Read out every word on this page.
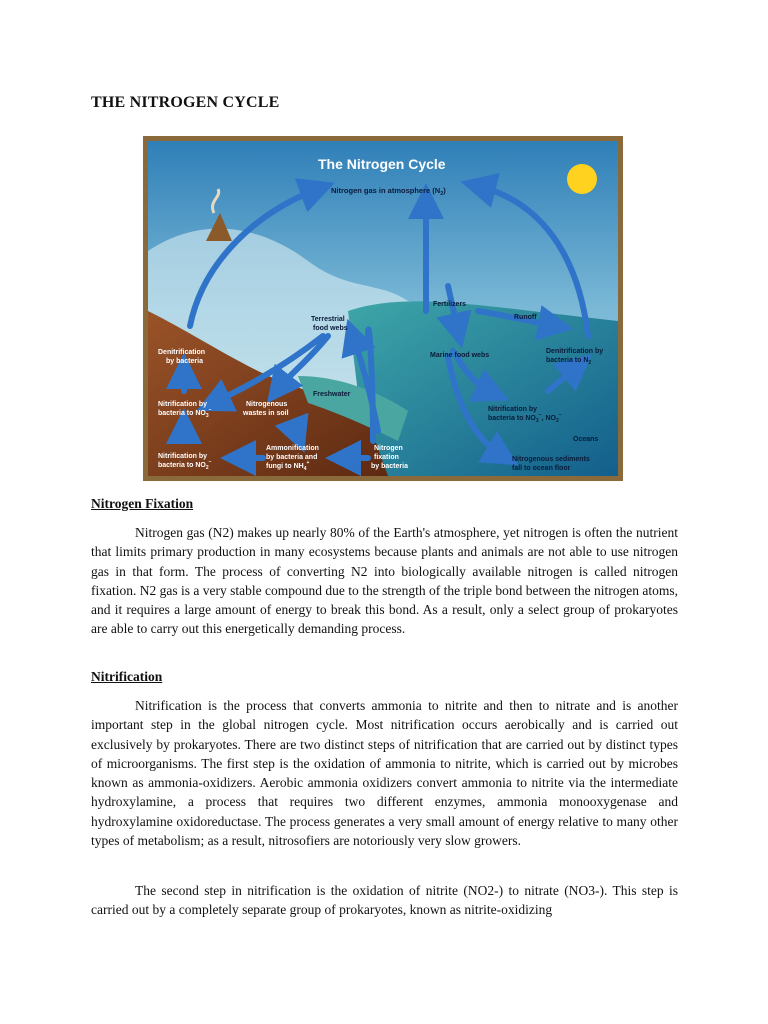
THE NITROGEN CYCLE
The Nitrogen Cycle
Nitrogen gas in atmosphere $(N_2)$
Denitrification by bacteria
Terrestrial food webs
Fertilizers
Runoff
Denitrification by bacteria to $N_2$
Marine food webs
Freshwater
Nitrification by bacteria to $NO_3^-$
Nitrogenous wastes in soil
Nitrification by bacteria to $NO_3^-$, $NO_2^-$
Oceans
Nitrification by bacteria to $NO_2^-$
Ammonification by bacteria and fungi to $NH_4^+$
Nitrogen fixation by bacteria
Nitrogenous sediments fall to ocean floor
Nitrogen Fixation

Nitrogen gas (N2) makes up nearly 80% of the Earth's atmosphere, yet nitrogen is often the nutrient that limits primary production in many ecosystems because plants and animals are not able to use nitrogen gas in that form. The process of converting N2 into biologically available nitrogen is called nitrogen fixation. N2 gas is a very stable compound due to the strength of the triple bond between the nitrogen atoms, and it requires a large amount of energy to break this bond. As a result, only a select group of prokaryotes are able to carry out this energetically demanding process.

Nitrification

Nitrification is the process that converts ammonia to nitrite and then to nitrate and is another important step in the global nitrogen cycle. Most nitrification occurs aerobically and is carried out exclusively by prokaryotes. There are two distinct steps of nitrification that are carried out by distinct types of microorganisms. The first step is the oxidation of ammonia to nitrite, which is carried out by microbes known as ammonia-oxidizers. Aerobic ammonia oxidizers convert ammonia to nitrite via the intermediate hydroxylamine, a process that requires two different enzymes, ammonia monooxygenase and hydroxylamine oxidoreductase. The process generates a very small amount of energy relative to many other types of metabolism; as a result, nitrosofiers are notoriously very slow growers.

The second step in nitrification is the oxidation of nitrite (NO2-) to nitrate (NO3-). This step is carried out by a completely separate group of prokaryotes, known as nitrite-oxidizing
